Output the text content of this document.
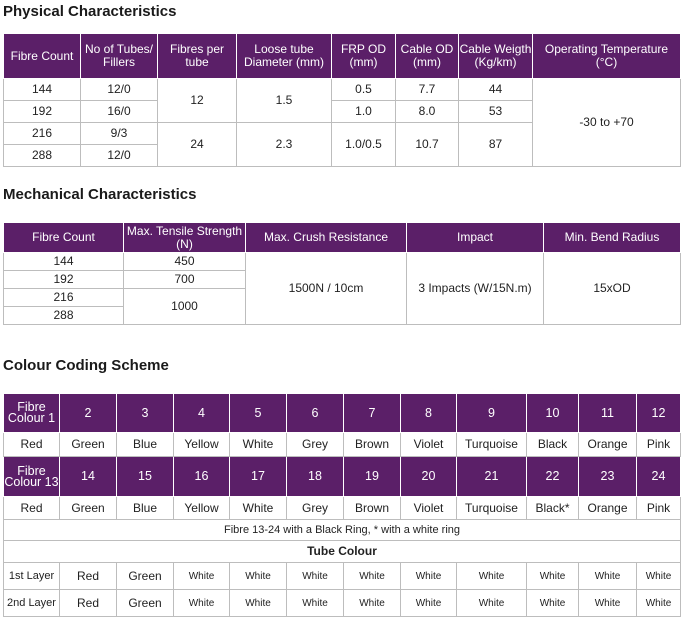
Physical Characteristics
Fibre Count	No of Tubes/ Fillers	Fibres per tube	Loose tube Diameter (mm)	FRP OD (mm)	Cable OD (mm)	Cable Weigth (Kg/km)	Operating Temperature (°C)
144	12/0	12	1.5	0.5	7.7	44	-30 to +70
192	16/0			1.0	8.0	53	
216	9/3	24	2.3	1.0/0.5	10.7	87	
288	12/0						
Mechanical Characteristics
Fibre Count	Max. Tensile Strength (N)	Max. Crush Resistance	Impact	Min. Bend Radius
144	450	1500N / 10cm	3 Impacts (W/15N.m)	15xOD
192	700			
216	1000			
288				
Colour Coding Scheme
Fibre Colour 1	2	3	4	5	6	7	8	9	10	11	12	
Red	Green	Blue	Yellow	White	Grey	Brown	Violet	Turquoise	Black	Orange	Pink	
Fibre Colour 13	14	15	16	17	18	19	20	21	22	23	24	
Red	Green	Blue	Yellow	White	Grey	Brown	Violet	Turquoise	Black*	Orange	Pink	
Fibre 13-24 with a Black Ring, * with a white ring												
Tube Colour												
1st Layer	Red	Green	White	White	White	White	White	White	White	White	White	
2nd Layer	Red	Green	White	White	White	White	White	White	White	White	White	
